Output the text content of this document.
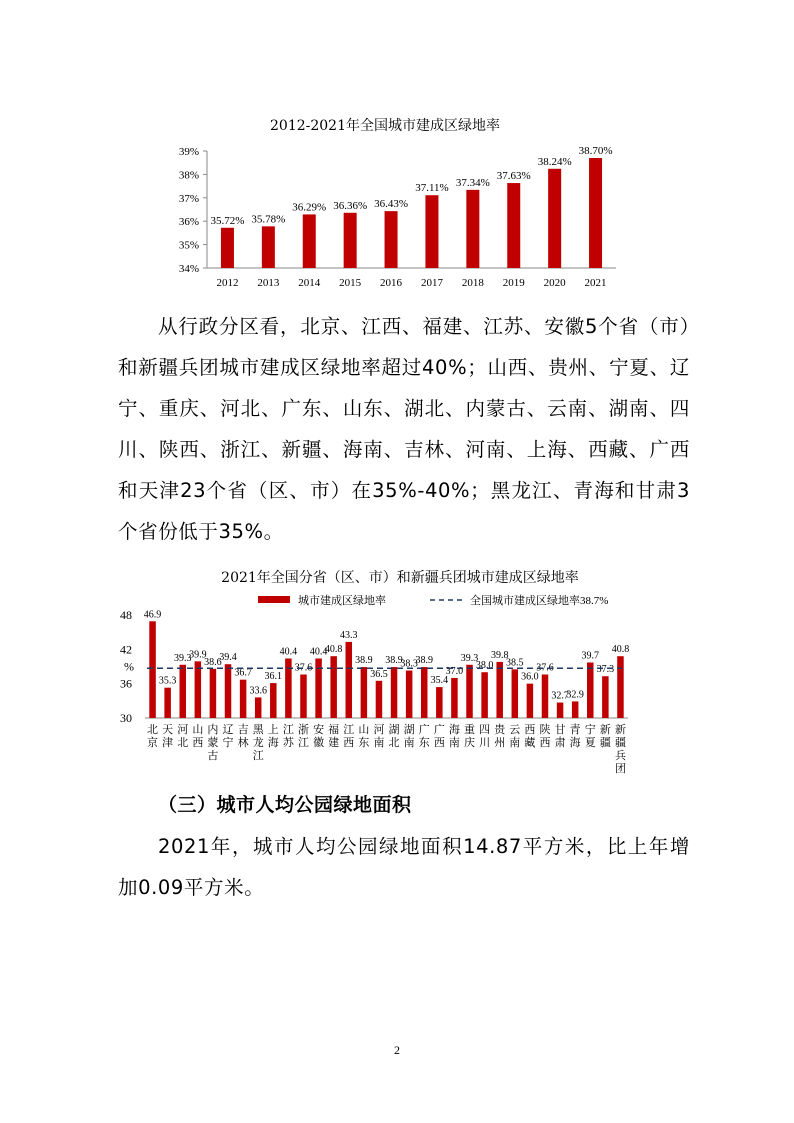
2012-2021年全国城市建成区绿地率
34%
35%
36%
37%
38%
39%
35.72%
2012
35.78%
2013
36.29%
2014
36.36%
2015
36.43%
2016
37.11%
2017
37.34%
2018
37.63%
2019
38.24%
2020
38.70%
2021

从行政分区看，北京、江西、福建、江苏、安徽5个省（市）和新疆兵团城市建成区绿地率超过40%；山西、贵州、宁夏、辽宁、重庆、河北、广东、山东、湖北、内蒙古、云南、湖南、四川、陕西、浙江、新疆、海南、吉林、河南、上海、西藏、广西和天津23个省（区、市）在35%-40%；黑龙江、青海和甘肃3个省份低于35%。

2021年全国分省（区、市）和新疆兵团城市建成区绿地率
城市建成区绿地率	全国城市建成区绿地率38.7%
30
36
42
48
%
46.9
北京
35.3
天津
39.3
河北
39.9
山西
38.6
内蒙古
39.4
辽宁
36.7
吉林
33.6
黑龙江
36.1
上海
40.4
江苏
37.6
浙江
40.4
安徽
40.8
福建
43.3
江西
38.9
山东
36.5
河南
38.9
湖北
38.3
湖南
38.9
广东
35.4
广西
37.0
海南
39.3
重庆
38.0
四川
39.8
贵州
38.5
云南
36.0
西藏
37.6
陕西
32.7
甘肃
32.9
青海
39.7
宁夏
37.3
新疆
40.8
新疆兵团
（三）城市人均公园绿地面积

2021年，城市人均公园绿地面积14.87平方米，比上年增加0.09平方米。

2
